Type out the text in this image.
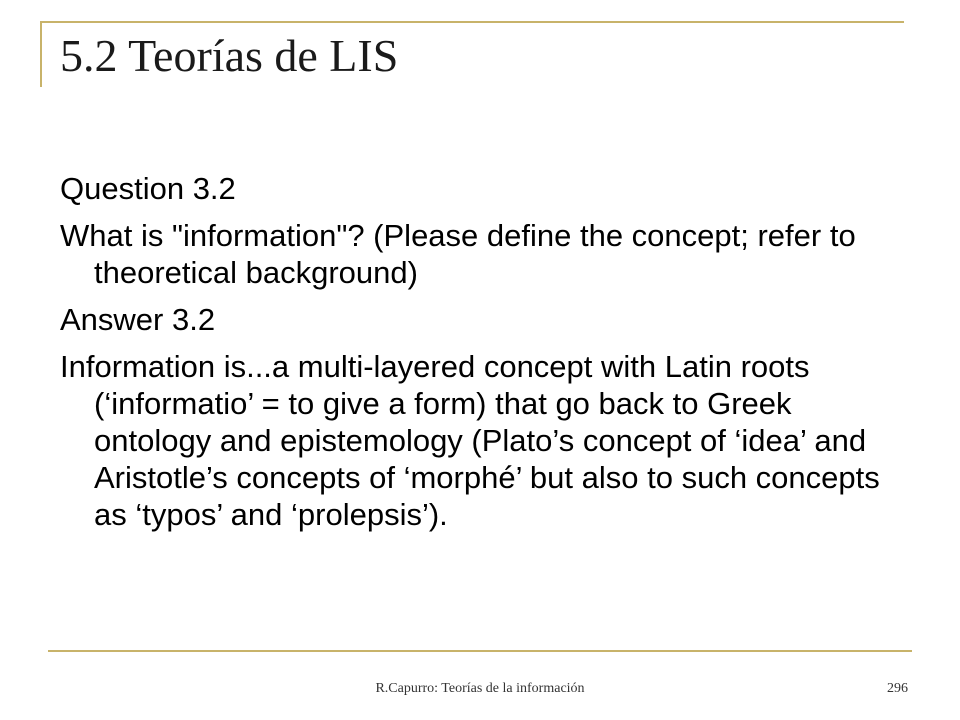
5.2 Teorías de LIS

Question 3.2

What is "information"? (Please define the concept; refer to theoretical background)

Answer 3.2

Information is...a multi-layered concept with Latin roots (‘informatio’ = to give a form) that go back to Greek ontology and epistemology (Plato’s concept of ‘idea’ and Aristotle’s concepts of ‘morphé’ but also to such concepts as ‘typos’ and ‘prolepsis’).

R.Capurro: Teorías de la información	296
